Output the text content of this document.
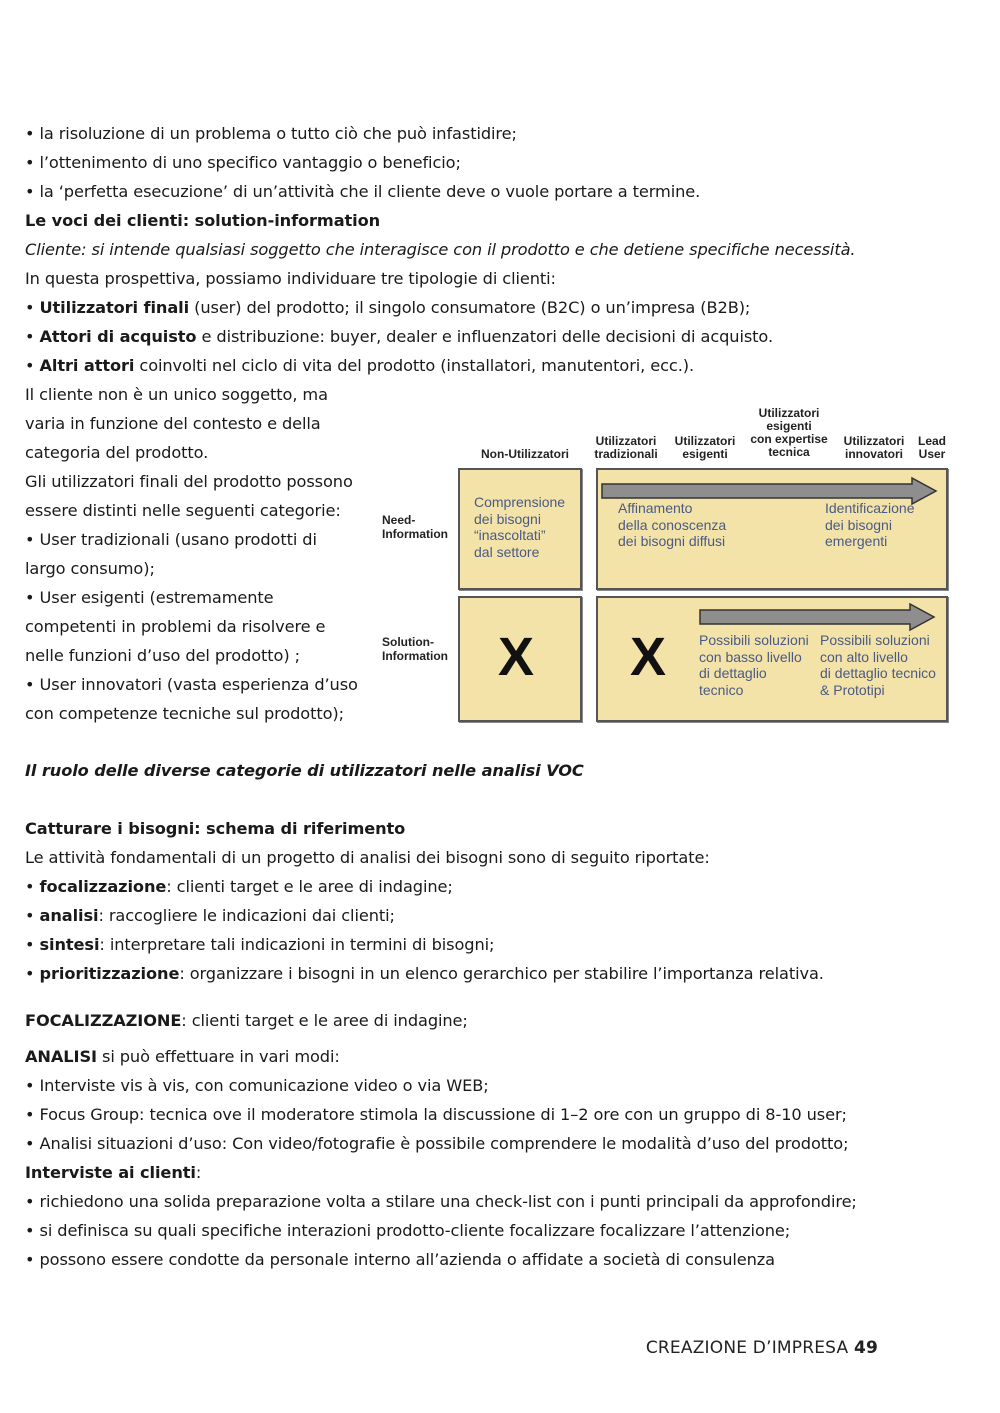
• la risoluzione di un problema o tutto ciò che può infastidire;
• l’ottenimento di uno specifico vantaggio o beneficio;
• la ‘perfetta esecuzione’ di un’attività che il cliente deve o vuole portare a termine.
Le voci dei clienti: solution-information
Cliente: si intende qualsiasi soggetto che interagisce con il prodotto e che detiene specifiche necessità.
In questa prospettiva, possiamo individuare tre tipologie di clienti:
• Utilizzatori finali (user) del prodotto; il singolo consumatore (B2C) o un’impresa (B2B);
• Attori di acquisto e distribuzione: buyer, dealer e influenzatori delle decisioni di acquisto.
• Altri attori coinvolti nel ciclo di vita del prodotto (installatori, manutentori, ecc.).
Il cliente non è un unico soggetto, ma
varia in funzione del contesto e della
categoria del prodotto.
Gli utilizzatori finali del prodotto possono
essere distinti nelle seguenti categorie:
• User tradizionali (usano prodotti di
largo consumo);
• User esigenti (estremamente
competenti in problemi da risolvere e
nelle funzioni d’uso del prodotto) ;
• User innovatori (vasta esperienza d’uso
con competenze tecniche sul prodotto);
Non-Utilizzatori
Utilizzatori
tradizionali
Utilizzatori
esigenti
Utilizzatori
esigenti
con expertise
tecnica
Utilizzatori
innovatori
Lead
User
Need-
Information
Solution-
Information
Comprensione
dei bisogni
“inascoltati”
dal settore
Affinamento
della conoscenza
dei bisogni diffusi
Identificazione
dei bisogni
emergenti
X X Possibili soluzioni
con basso livello
di dettaglio
tecnico
Possibili soluzioni
con alto livello
di dettaglio tecnico
& Prototipi
Il ruolo delle diverse categorie di utilizzatori nelle analisi VOC
Catturare i bisogni: schema di riferimento
Le attività fondamentali di un progetto di analisi dei bisogni sono di seguito riportate:
• focalizzazione: clienti target e le aree di indagine;
• analisi: raccogliere le indicazioni dai clienti;
• sintesi: interpretare tali indicazioni in termini di bisogni;
• prioritizzazione: organizzare i bisogni in un elenco gerarchico per stabilire l’importanza relativa.
FOCALIZZAZIONE: clienti target e le aree di indagine;
ANALISI si può effettuare in vari modi:
• Interviste vis à vis, con comunicazione video o via WEB;
• Focus Group: tecnica ove il moderatore stimola la discussione di 1–2 ore con un gruppo di 8-10 user;
• Analisi situazioni d’uso: Con video/fotografie è possibile comprendere le modalità d’uso del prodotto;
Interviste ai clienti:
• richiedono una solida preparazione volta a stilare una check-list con i punti principali da approfondire;
• si definisca su quali specifiche interazioni prodotto-cliente focalizzare focalizzare l’attenzione;
• possono essere condotte da personale interno all’azienda o affidate a società di consulenza
CREAZIONE D’IMPRESA 49
